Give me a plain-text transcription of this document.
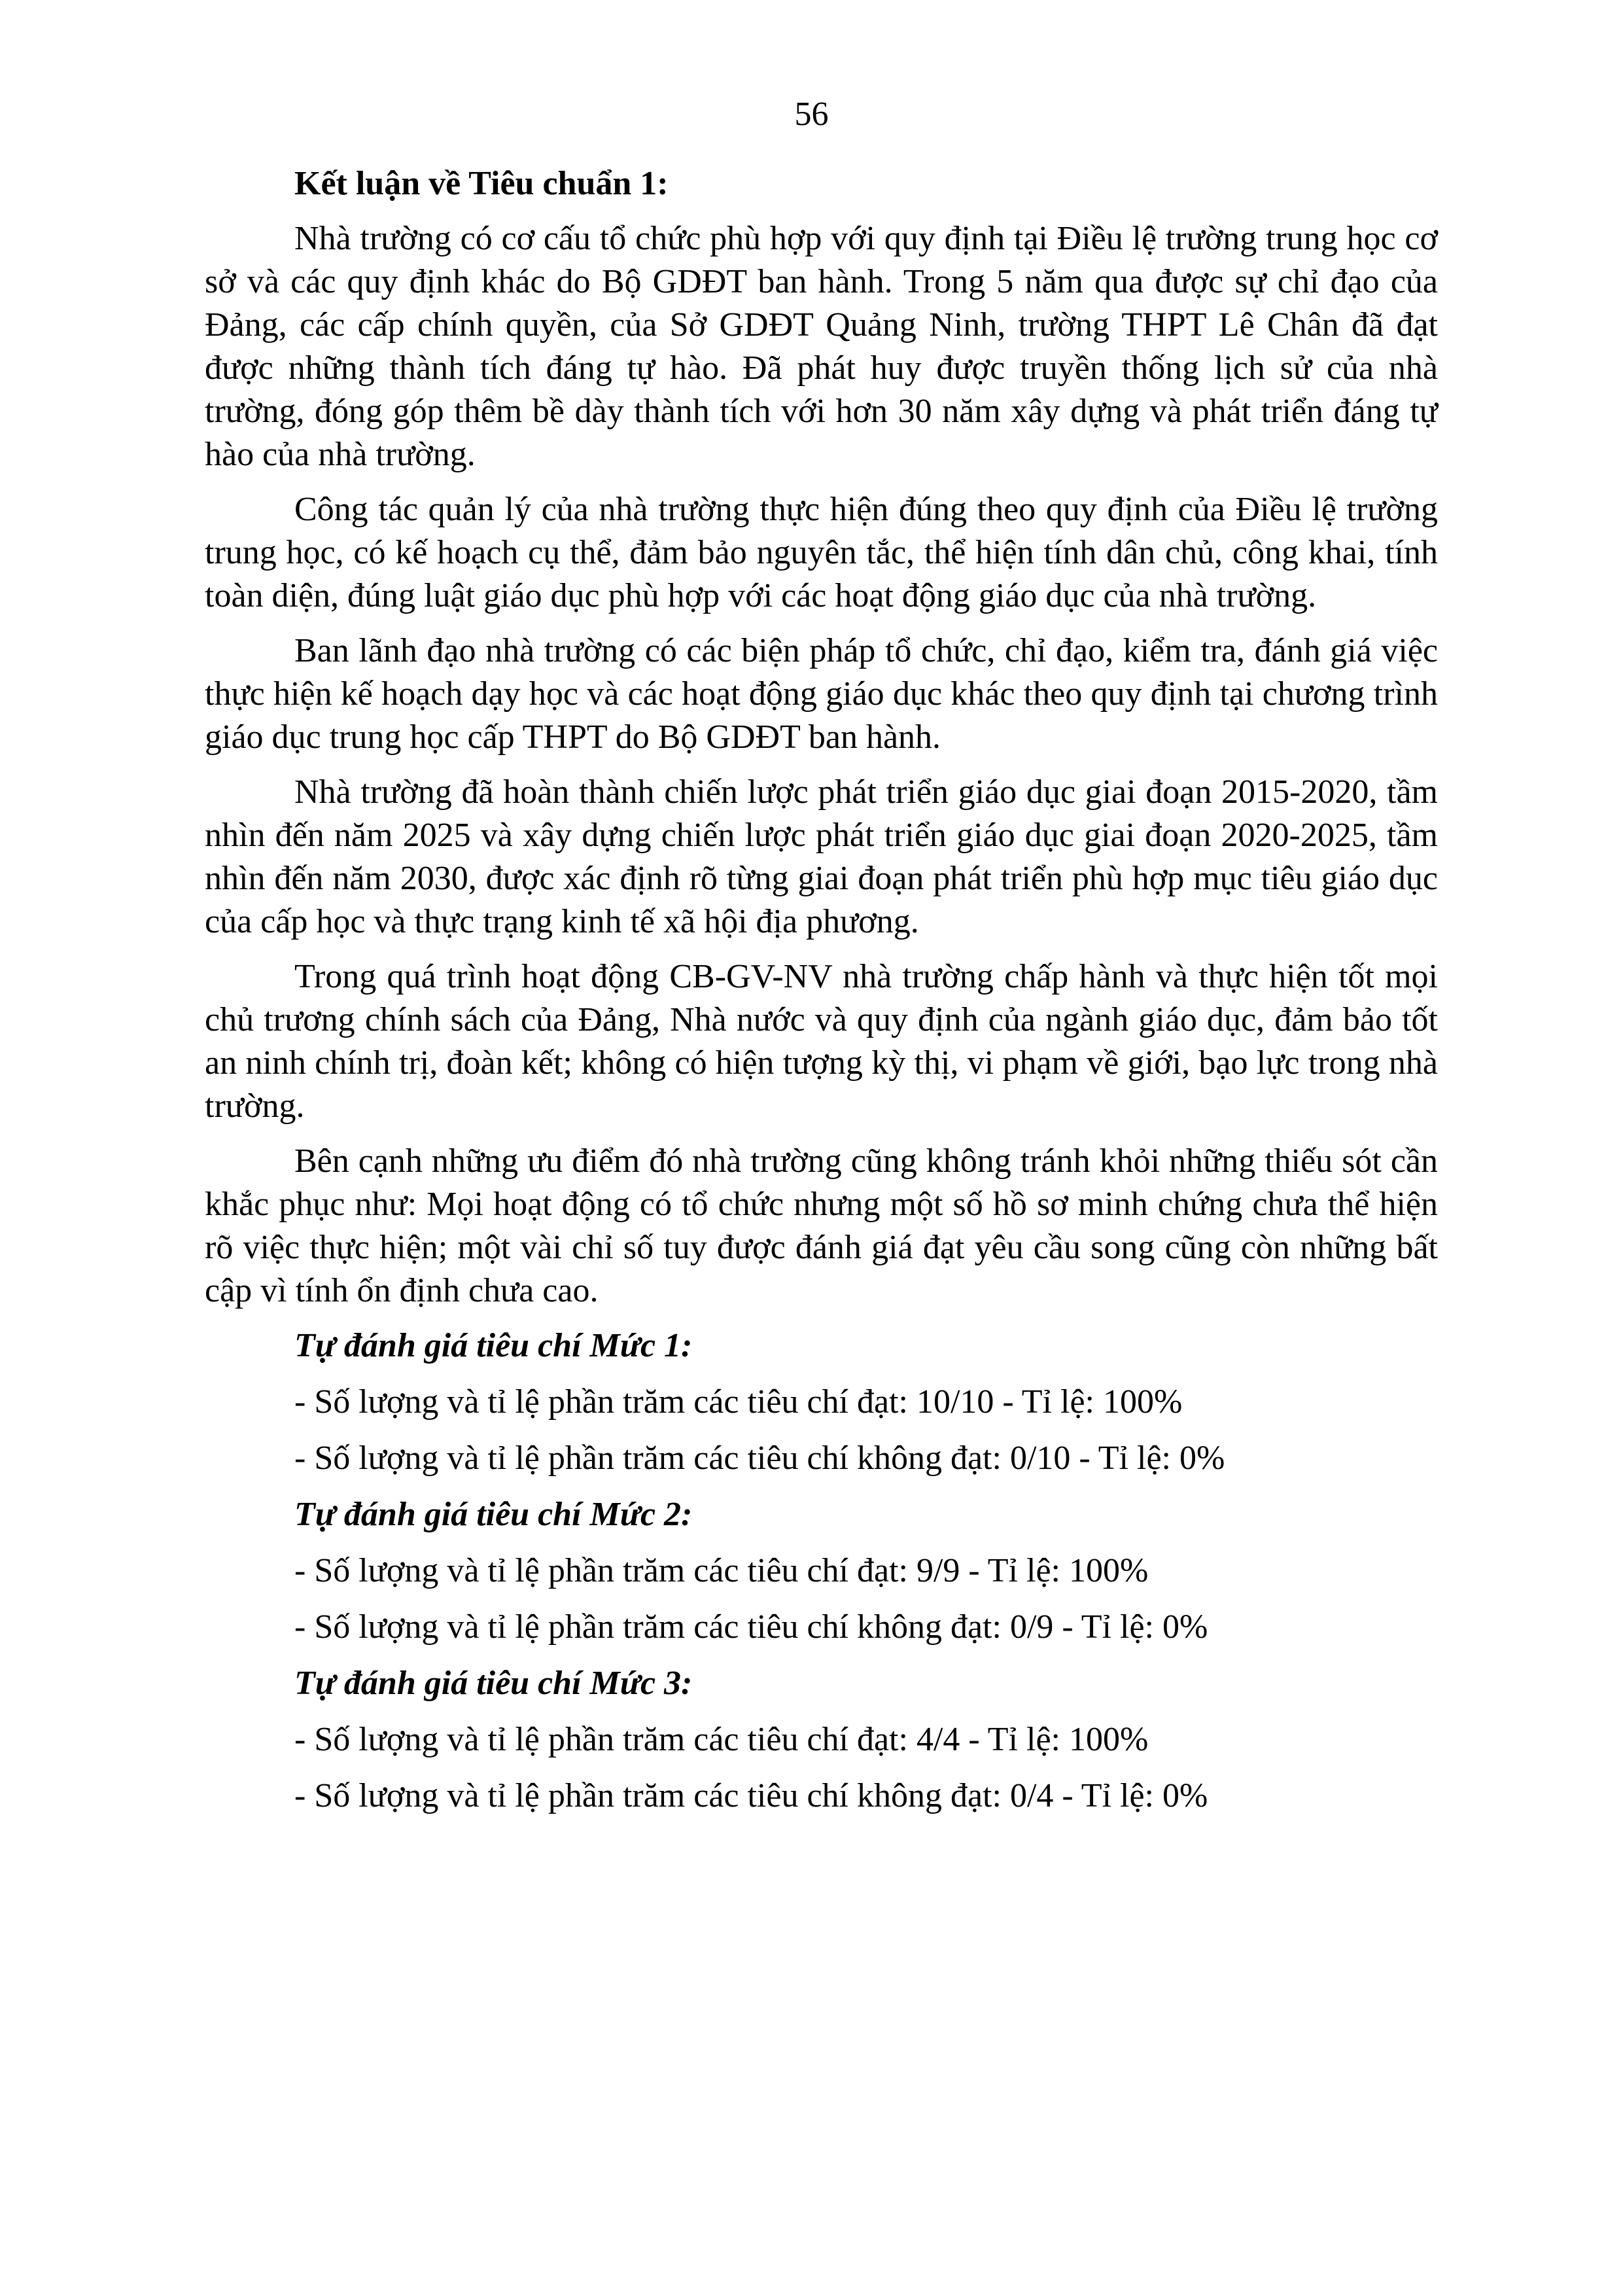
56
Kết luận về Tiêu chuẩn 1:

Nhà trường có cơ cấu tổ chức phù hợp với quy định tại Điều lệ trường trung học cơ sở và các quy định khác do Bộ GDĐT ban hành. Trong 5 năm qua được sự chỉ đạo của Đảng, các cấp chính quyền, của Sở GDĐT Quảng Ninh, trường THPT Lê Chân đã đạt được những thành tích đáng tự hào. Đã phát huy được truyền thống lịch sử của nhà trường, đóng góp thêm bề dày thành tích với hơn 30 năm xây dựng và phát triển đáng tự hào của nhà trường.

Công tác quản lý của nhà trường thực hiện đúng theo quy định của Điều lệ trường trung học, có kế hoạch cụ thể, đảm bảo nguyên tắc, thể hiện tính dân chủ, công khai, tính toàn diện, đúng luật giáo dục phù hợp với các hoạt động giáo dục của nhà trường.

Ban lãnh đạo nhà trường có các biện pháp tổ chức, chỉ đạo, kiểm tra, đánh giá việc thực hiện kế hoạch dạy học và các hoạt động giáo dục khác theo quy định tại chương trình giáo dục trung học cấp THPT do Bộ GDĐT ban hành.

Nhà trường đã hoàn thành chiến lược phát triển giáo dục giai đoạn 2015-2020, tầm nhìn đến năm 2025 và xây dựng chiến lược phát triển giáo dục giai đoạn 2020-2025, tầm nhìn đến năm 2030, được xác định rõ từng giai đoạn phát triển phù hợp mục tiêu giáo dục của cấp học và thực trạng kinh tế xã hội địa phương.

Trong quá trình hoạt động CB-GV-NV nhà trường chấp hành và thực hiện tốt mọi chủ trương chính sách của Đảng, Nhà nước và quy định của ngành giáo dục, đảm bảo tốt an ninh chính trị, đoàn kết; không có hiện tượng kỳ thị, vi phạm về giới, bạo lực trong nhà trường.

Bên cạnh những ưu điểm đó nhà trường cũng không tránh khỏi những thiếu sót cần khắc phục như: Mọi hoạt động có tổ chức nhưng một số hồ sơ minh chứng chưa thể hiện rõ việc thực hiện; một vài chỉ số tuy được đánh giá đạt yêu cầu song cũng còn những bất cập vì tính ổn định chưa cao.

Tự đánh giá tiêu chí Mức 1:
- Số lượng và tỉ lệ phần trăm các tiêu chí đạt: 10/10 - Tỉ lệ: 100%
- Số lượng và tỉ lệ phần trăm các tiêu chí không đạt: 0/10 - Tỉ lệ: 0%
Tự đánh giá tiêu chí Mức 2:
- Số lượng và tỉ lệ phần trăm các tiêu chí đạt: 9/9 - Tỉ lệ: 100%
- Số lượng và tỉ lệ phần trăm các tiêu chí không đạt: 0/9 - Tỉ lệ: 0%
Tự đánh giá tiêu chí Mức 3:
- Số lượng và tỉ lệ phần trăm các tiêu chí đạt: 4/4 - Tỉ lệ: 100%
- Số lượng và tỉ lệ phần trăm các tiêu chí không đạt: 0/4 - Tỉ lệ: 0%
